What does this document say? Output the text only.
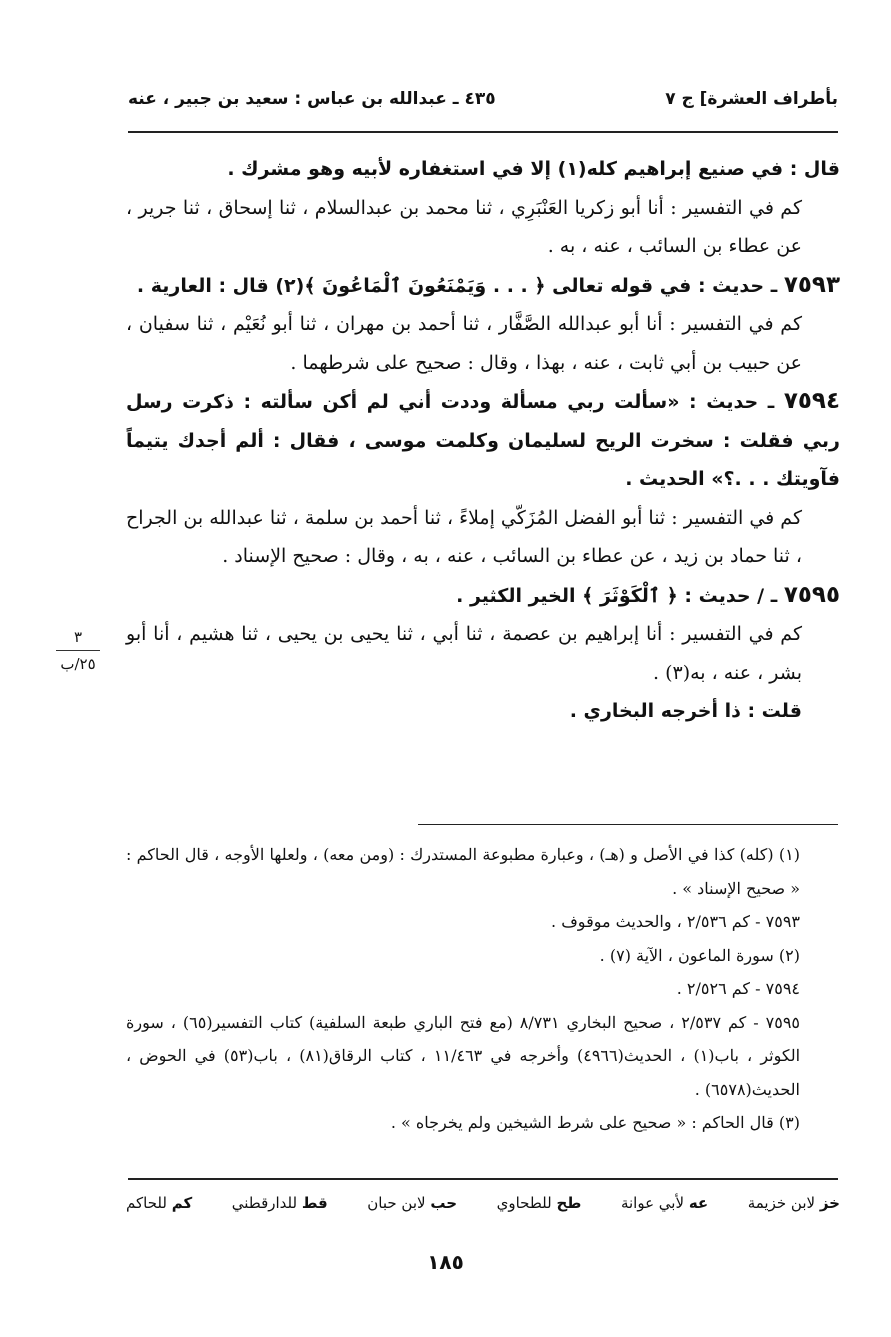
بأطراف العشرة] ج ٧
٤٣٥ ـ عبدالله بن عباس : سعيد بن جبير ، عنه

قال : في صنيع إبراهيم كله(١) إلا في استغفاره لأبيه وهو مشرك .

كم في التفسير : أنا أبو زكريا العَنْبَرِي ، ثنا محمد بن عبدالسلام ، ثنا إسحاق ، ثنا جرير ، عن عطاء بن السائب ، عنه ، به .

٧٥٩٣ ـ حديث : في قوله تعالى ﴿ . . . وَيَمْنَعُونَ ٱلْمَاعُونَ ﴾(٢) قال : العارية .

كم في التفسير : أنا أبو عبدالله الصَّفَّار ، ثنا أحمد بن مهران ، ثنا أبو نُعَيْم ، ثنا سفيان ، عن حبيب بن أبي ثابت ، عنه ، بهذا ، وقال : صحيح على شرطهما .

٧٥٩٤ ـ حديث : «سألت ربي مسألة وددت أني لم أكن سألته : ذكرت رسل ربي فقلت : سخرت الريح لسليمان وكلمت موسى ، فقال : ألم أجدك يتيماً فآويتك . . .؟» الحديث .

كم في التفسير : ثنا أبو الفضل المُزَكّي إملاءً ، ثنا أحمد بن سلمة ، ثنا عبدالله بن الجراح ، ثنا حماد بن زيد ، عن عطاء بن السائب ، عنه ، به ، وقال : صحيح الإسناد .

٧٥٩٥ ـ / حديث : ﴿ ٱلْكَوْثَرَ ﴾ الخير الكثير .

كم في التفسير : أنا إبراهيم بن عصمة ، ثنا أبي ، ثنا يحيى بن يحيى ، ثنا هشيم ، أنا أبو بشر ، عنه ، به(٣) .

قلت : ذا أخرجه البخاري .

٣
٢٥/ب

(١) (كله) كذا في الأصل و (هـ) ، وعبارة مطبوعة المستدرك : (ومن معه) ، ولعلها الأوجه ، قال الحاكم : « صحيح الإسناد » .

٧٥٩٣ - كم ٢/٥٣٦ ، والحديث موقوف .

(٢) سورة الماعون ، الآية (٧) .

٧٥٩٤ - كم ٢/٥٢٦ .

٧٥٩٥ - كم ٢/٥٣٧ ، صحيح البخاري ٨/٧٣١ (مع فتح الباري طبعة السلفية) كتاب التفسير(٦٥) ، سورة الكوثر ، باب(١) ، الحديث(٤٩٦٦) وأخرجه في ١١/٤٦٣ ، كتاب الرقاق(٨١) ، باب(٥٣) في الحوض ، الحديث(٦٥٧٨) .

(٣) قال الحاكم : « صحيح على شرط الشيخين ولم يخرجاه » .

خز لابن خزيمة
عه لأبي عوانة
طح للطحاوي
حب لابن حبان
قط للدارقطني
كم للحاكم
١٨٥
